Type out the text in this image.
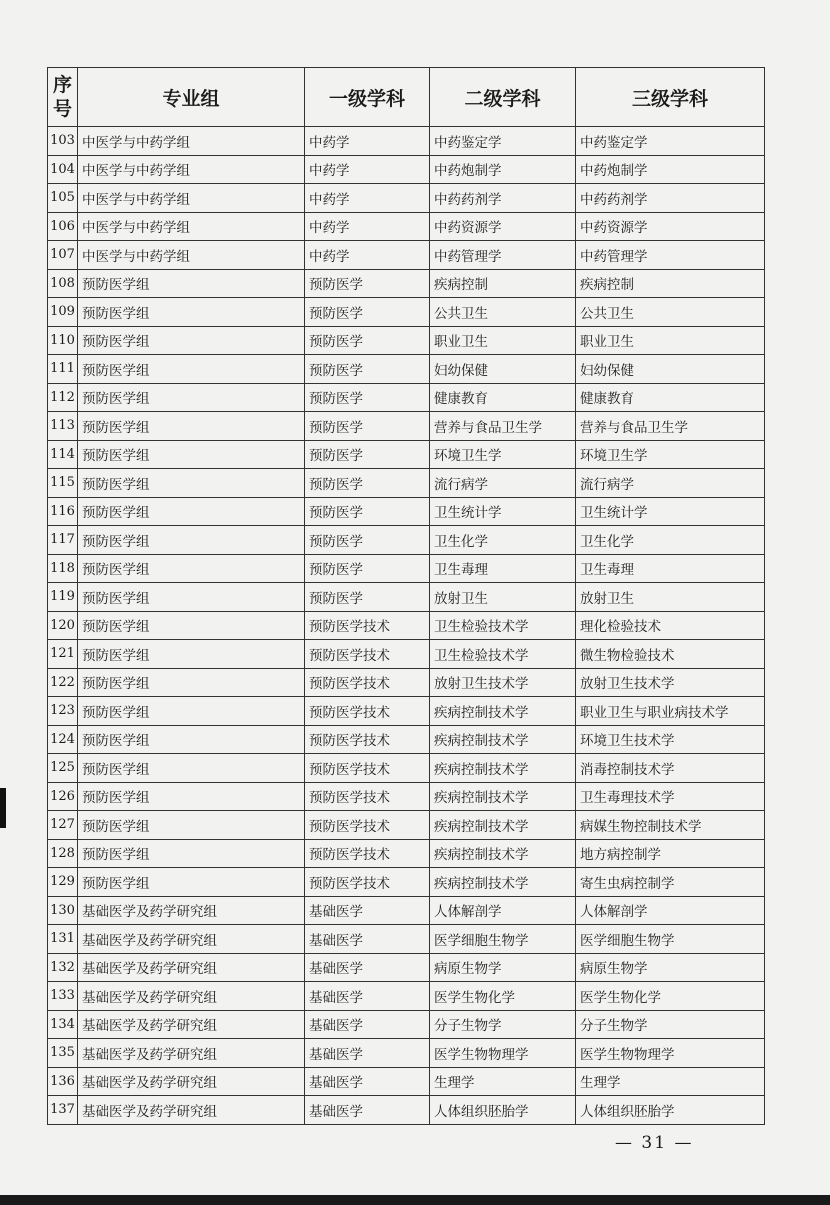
序号	专业组	一级学科	二级学科	三级学科
103	中医学与中药学组	中药学	中药鉴定学	中药鉴定学
104	中医学与中药学组	中药学	中药炮制学	中药炮制学
105	中医学与中药学组	中药学	中药药剂学	中药药剂学
106	中医学与中药学组	中药学	中药资源学	中药资源学
107	中医学与中药学组	中药学	中药管理学	中药管理学
108	预防医学组	预防医学	疾病控制	疾病控制
109	预防医学组	预防医学	公共卫生	公共卫生
110	预防医学组	预防医学	职业卫生	职业卫生
111	预防医学组	预防医学	妇幼保健	妇幼保健
112	预防医学组	预防医学	健康教育	健康教育
113	预防医学组	预防医学	营养与食品卫生学	营养与食品卫生学
114	预防医学组	预防医学	环境卫生学	环境卫生学
115	预防医学组	预防医学	流行病学	流行病学
116	预防医学组	预防医学	卫生统计学	卫生统计学
117	预防医学组	预防医学	卫生化学	卫生化学
118	预防医学组	预防医学	卫生毒理	卫生毒理
119	预防医学组	预防医学	放射卫生	放射卫生
120	预防医学组	预防医学技术	卫生检验技术学	理化检验技术
121	预防医学组	预防医学技术	卫生检验技术学	微生物检验技术
122	预防医学组	预防医学技术	放射卫生技术学	放射卫生技术学
123	预防医学组	预防医学技术	疾病控制技术学	职业卫生与职业病技术学
124	预防医学组	预防医学技术	疾病控制技术学	环境卫生技术学
125	预防医学组	预防医学技术	疾病控制技术学	消毒控制技术学
126	预防医学组	预防医学技术	疾病控制技术学	卫生毒理技术学
127	预防医学组	预防医学技术	疾病控制技术学	病媒生物控制技术学
128	预防医学组	预防医学技术	疾病控制技术学	地方病控制学
129	预防医学组	预防医学技术	疾病控制技术学	寄生虫病控制学
130	基础医学及药学研究组	基础医学	人体解剖学	人体解剖学
131	基础医学及药学研究组	基础医学	医学细胞生物学	医学细胞生物学
132	基础医学及药学研究组	基础医学	病原生物学	病原生物学
133	基础医学及药学研究组	基础医学	医学生物化学	医学生物化学
134	基础医学及药学研究组	基础医学	分子生物学	分子生物学
135	基础医学及药学研究组	基础医学	医学生物物理学	医学生物物理学
136	基础医学及药学研究组	基础医学	生理学	生理学
137	基础医学及药学研究组	基础医学	人体组织胚胎学	人体组织胚胎学
— 31 —
